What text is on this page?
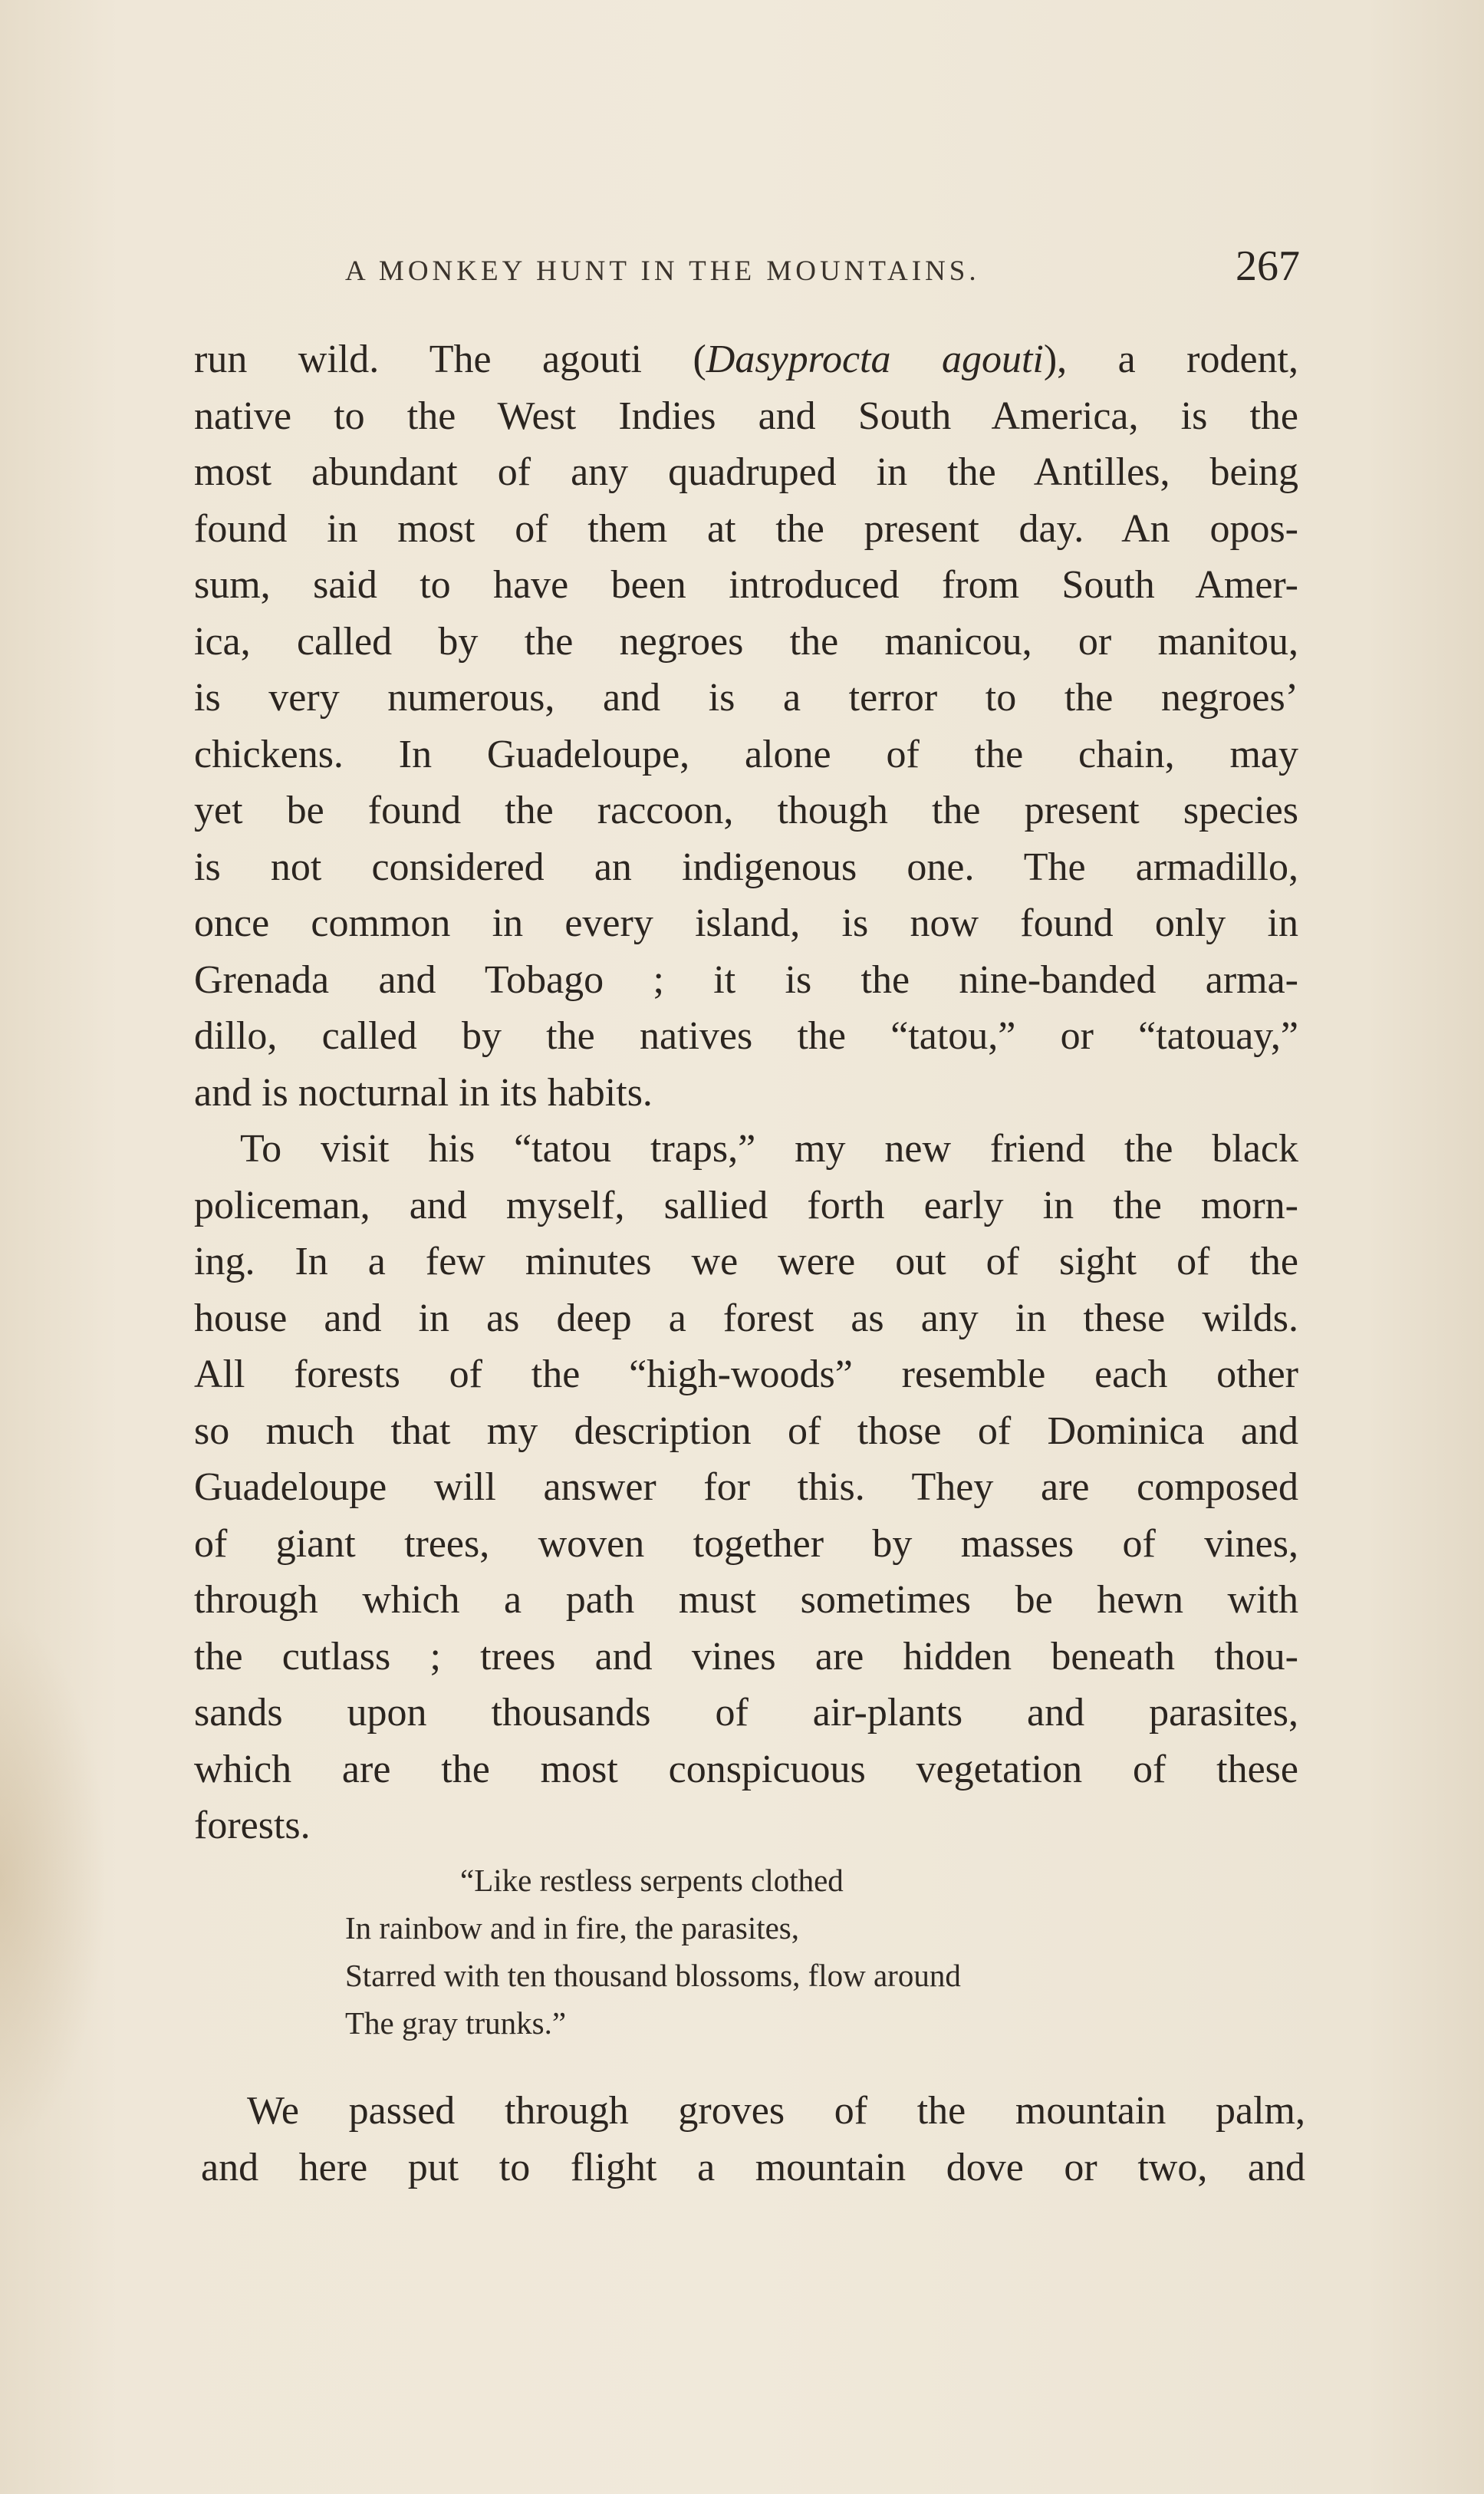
A MONKEY HUNT IN THE MOUNTAINS.	267

run wild. The agouti (Dasyprocta agouti), a rodent,
native to the West Indies and South America, is the
most abundant of any quadruped in the Antilles, being
found in most of them at the present day. An opos-
sum, said to have been introduced from South Amer-
ica, called by the negroes the manicou, or manitou,
is very numerous, and is a terror to the negroes’
chickens. In Guadeloupe, alone of the chain, may
yet be found the raccoon, though the present species
is not considered an indigenous one. The armadillo,
once common in every island, is now found only in
Grenada and Tobago ; it is the nine-banded arma-
dillo, called by the natives the “tatou,” or “tatouay,”
and is nocturnal in its habits.

To visit his “tatou traps,” my new friend the black
policeman, and myself, sallied forth early in the morn-
ing. In a few minutes we were out of sight of the
house and in as deep a forest as any in these wilds.
All forests of the “high-woods” resemble each other
so much that my description of those of Dominica and
Guadeloupe will answer for this. They are composed
of giant trees, woven together by masses of vines,
through which a path must sometimes be hewn with
the cutlass ; trees and vines are hidden beneath thou-
sands upon thousands of air-plants and parasites,
which are the most conspicuous vegetation of these
forests.

“Like restless serpents clothed
In rainbow and in fire, the parasites,
Starred with ten thousand blossoms, flow around
The gray trunks.”

We passed through groves of the mountain palm,
and here put to flight a mountain dove or two, and
